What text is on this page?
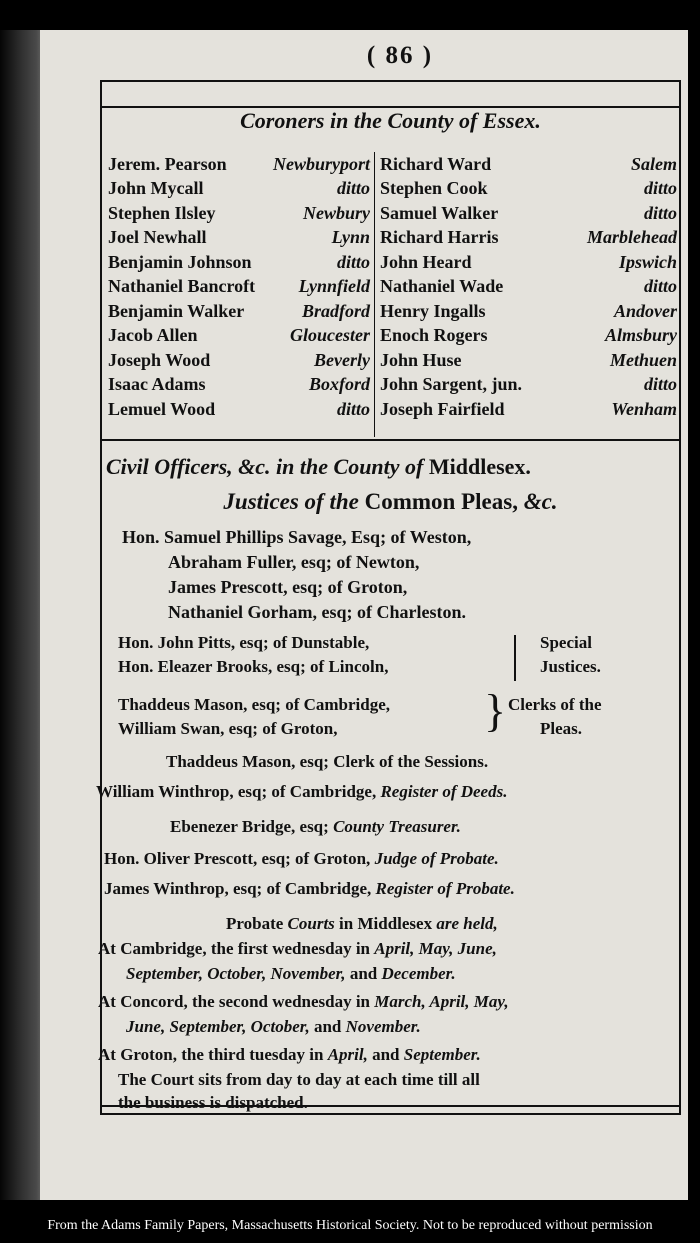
( 86 )
Coroners in the County of Essex.
Jerem. Pearson	Newburyport
John Mycall	ditto
Stephen Ilsley	Newbury
Joel Newhall	Lynn
Benjamin Johnson	ditto
Nathaniel Bancroft Lynnfield
Benjamin Walker	Bradford
Jacob Allen	Gloucester
Joseph Wood	Beverly
Isaac Adams	Boxford
Lemuel Wood	ditto
Richard Ward	Salem
Stephen Cook	ditto
Samuel Walker	ditto
Richard Harris	Marblehead
John Heard	Ipswich
Nathaniel Wade	ditto
Henry Ingalls	Andover
Enoch Rogers	Almsbury
John Huse	Methuen
John Sargent, jun.	ditto
Joseph Fairfield	Wenham
Civil Officers, &c. in the County of Middlesex.
Justices of the Common Pleas, &c.
Hon. Samuel Phillips Savage, Esq; of Weston,
Abraham Fuller, esq; of Newton,
James Prescott, esq; of Groton,
Nathaniel Gorham, esq; of Charleston.
Hon. John Pitts, esq; of Dunstable,
Hon. Eleazer Brooks, esq; of Lincoln,
Special
Justices.
Thaddeus Mason, esq; of Cambridge,
William Swan, esq; of Groton,	} Clerks of the
Pleas.
Thaddeus Mason, esq; Clerk of the Sessions.
William Winthrop, esq; of Cambridge, Register of Deeds.
Ebenezer Bridge, esq; County Treasurer.
Hon. Oliver Prescott, esq; of Groton, Judge of Probate.
James Winthrop, esq; of Cambridge, Register of Probate.
Probate Courts in Middlesex are held,
At Cambridge, the first wednesday in April, May, June,
September, October, November, and December.
At Concord, the second wednesday in March, April, May,
June, September, October, and November.
At Groton, the third tuesday in April, and September.
The Court sits from day to day at each time till all
the business is dispatched.
From the Adams Family Papers, Massachusetts Historical Society. Not to be reproduced without permission
